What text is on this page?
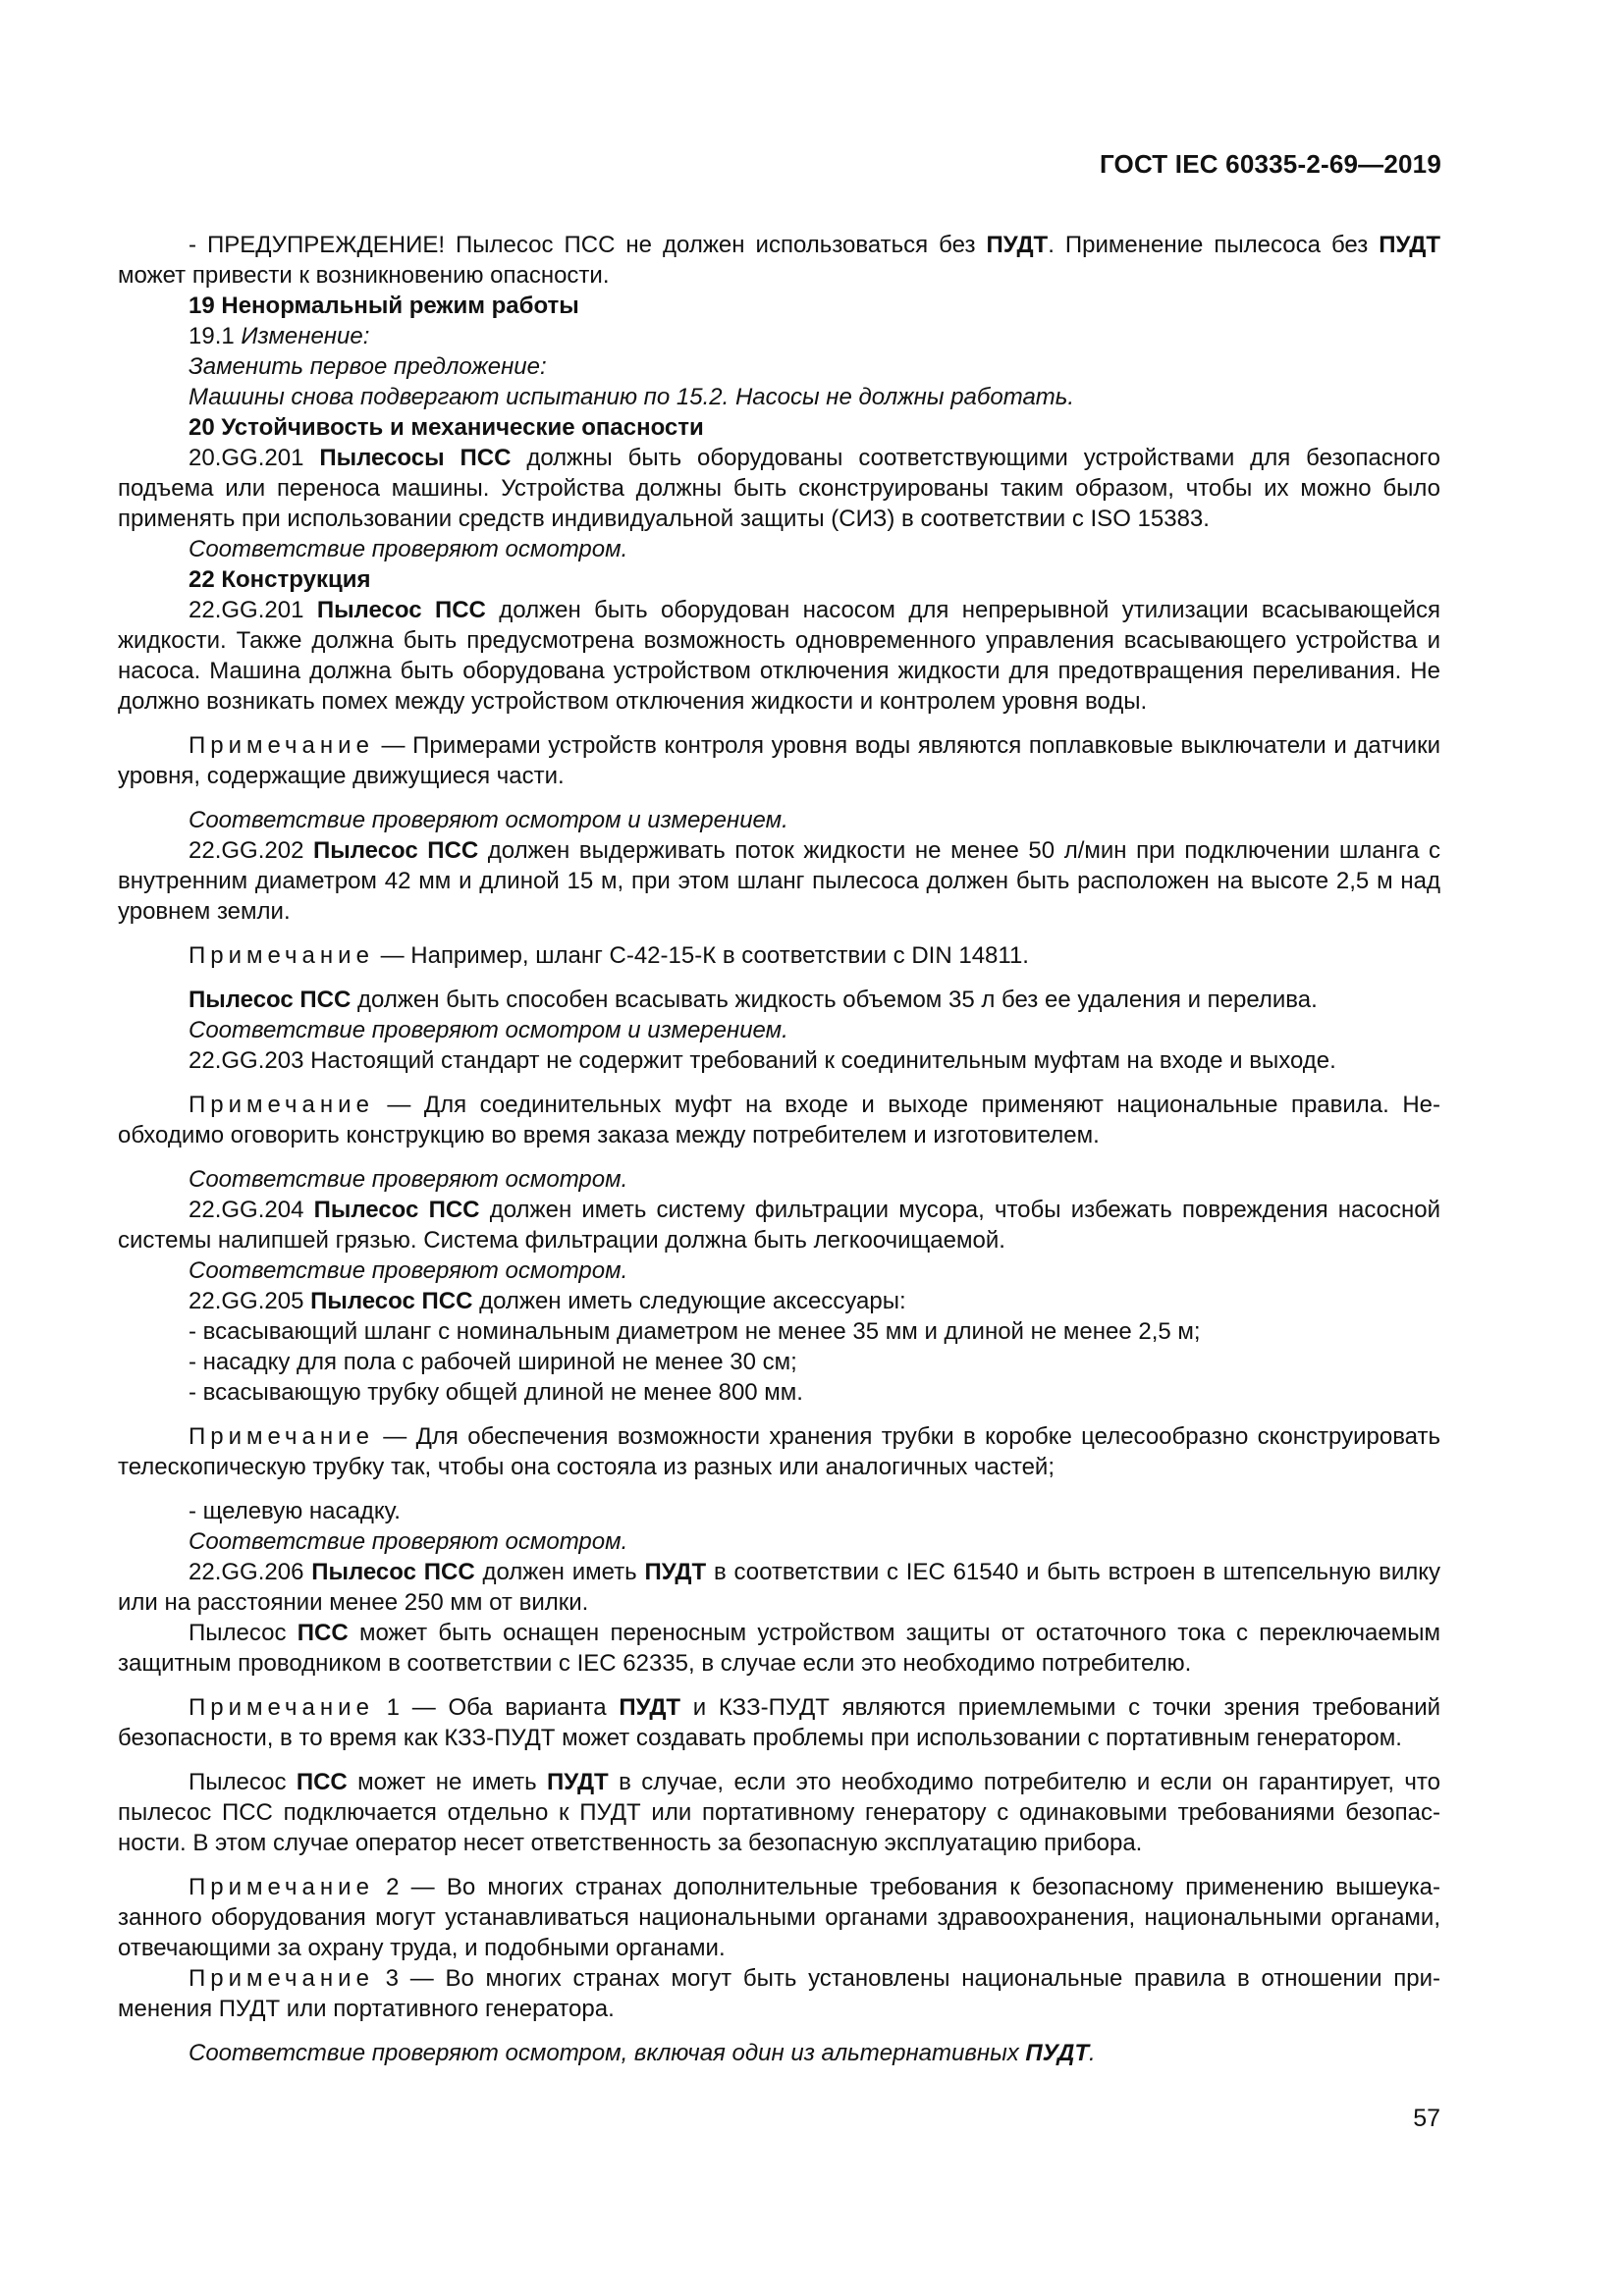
ГОСТ IEC 60335-2-69—2019

- ПРЕДУПРЕЖДЕНИЕ! Пылесос ПСС не должен использоваться без ПУДТ. Применение пылесоса без ПУДТ может привести к возникновению опасности.

19 Ненормальный режим работы

19.1 Изменение:

Заменить первое предложение:

Машины снова подвергают испытанию по 15.2. Насосы не должны работать.

20 Устойчивость и механические опасности

20.GG.201 Пылесосы ПСС должны быть оборудованы соответствующими устройствами для безопасного подъема или переноса машины. Устройства должны быть сконструированы таким образом, чтобы их можно было применять при использовании средств индивидуальной защиты (СИЗ) в соответствии с ISO 15383.

Соответствие проверяют осмотром.

22 Конструкция

22.GG.201 Пылесос ПСС должен быть оборудован насосом для непрерывной утилизации всасывающейся жидкости. Также должна быть предусмотрена возможность одновременного управления всасывающего устройства и насоса. Машина должна быть оборудована устройством отключения жидкости для предотвращения переливания. Не должно возникать помех между устройством отключения жидкости и контролем уровня воды.

Примечание — Примерами устройств контроля уровня воды являются поплавковые выключатели и датчики уровня, содержащие движущиеся части.

Соответствие проверяют осмотром и измерением.

22.GG.202 Пылесос ПСС должен выдерживать поток жидкости не менее 50 л/мин при подключении шланга с внутренним диаметром 42 мм и длиной 15 м, при этом шланг пылесоса должен быть расположен на высоте 2,5 м над уровнем земли.

Примечание — Например, шланг С-42-15-К в соответствии с DIN 14811.

Пылесос ПСС должен быть способен всасывать жидкость объемом 35 л без ее удаления и перелива.

Соответствие проверяют осмотром и измерением.

22.GG.203 Настоящий стандарт не содержит требований к соединительным муфтам на входе и выходе.

Примечание — Для соединительных муфт на входе и выходе применяют национальные правила. Необходимо оговорить конструкцию во время заказа между потребителем и изготовителем.

Соответствие проверяют осмотром.

22.GG.204 Пылесос ПСС должен иметь систему фильтрации мусора, чтобы избежать повреждения насосной системы налипшей грязью. Система фильтрации должна быть легкоочищаемой.

Соответствие проверяют осмотром.

22.GG.205 Пылесос ПСС должен иметь следующие аксессуары:

- всасывающий шланг с номинальным диаметром не менее 35 мм и длиной не менее 2,5 м;

- насадку для пола с рабочей шириной не менее 30 см;

- всасывающую трубку общей длиной не менее 800 мм.

Примечание — Для обеспечения возможности хранения трубки в коробке целесообразно сконструировать телескопическую трубку так, чтобы она состояла из разных или аналогичных частей;

- щелевую насадку.

Соответствие проверяют осмотром.

22.GG.206 Пылесос ПСС должен иметь ПУДТ в соответствии с IEC 61540 и быть встроен в штепсельную вилку или на расстоянии менее 250 мм от вилки.

Пылесос ПСС может быть оснащен переносным устройством защиты от остаточного тока с переключаемым защитным проводником в соответствии с IEC 62335, в случае если это необходимо потребителю.

Примечание 1 — Оба варианта ПУДТ и КЗЗ-ПУДТ являются приемлемыми с точки зрения требований безопасности, в то время как КЗЗ-ПУДТ может создавать проблемы при использовании с портативным генератором.

Пылесос ПСС может не иметь ПУДТ в случае, если это необходимо потребителю и если он гарантирует, что пылесос ПСС подключается отдельно к ПУДТ или портативному генератору с одинаковыми требованиями безопасности. В этом случае оператор несет ответственность за безопасную эксплуатацию прибора.

Примечание 2 — Во многих странах дополнительные требования к безопасному применению вышеуказанного оборудования могут устанавливаться национальными органами здравоохранения, национальными органами, отвечающими за охрану труда, и подобными органами.

Примечание 3 — Во многих странах могут быть установлены национальные правила в отношении применения ПУДТ или портативного генератора.

Соответствие проверяют осмотром, включая один из альтернативных ПУДТ.

57
